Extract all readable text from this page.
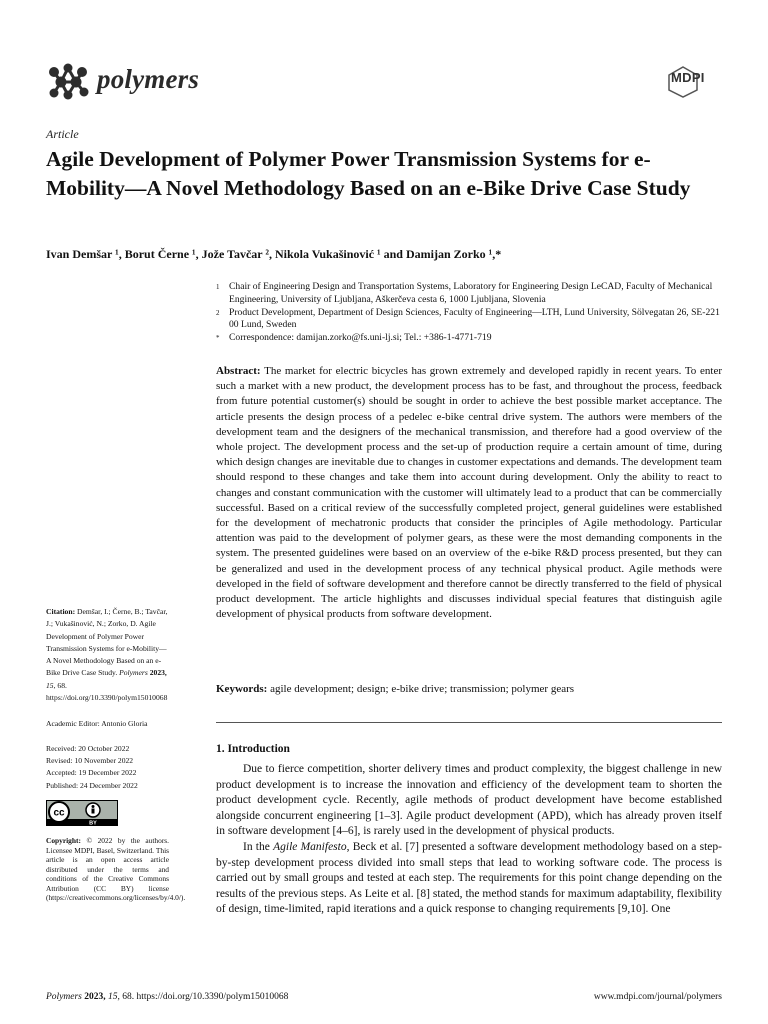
polymers	MDPI
Article
Agile Development of Polymer Power Transmission Systems for e-Mobility—A Novel Methodology Based on an e-Bike Drive Case Study
Ivan Demšar ¹, Borut Černe ¹, Jože Tavčar ², Nikola Vukašinović ¹ and Damijan Zorko ¹,*
1 Chair of Engineering Design and Transportation Systems, Laboratory for Engineering Design LeCAD, Faculty of Mechanical Engineering, University of Ljubljana, Aškerčeva cesta 6, 1000 Ljubljana, Slovenia
2 Product Development, Department of Design Sciences, Faculty of Engineering—LTH, Lund University, Sölvegatan 26, SE-221 00 Lund, Sweden
* Correspondence: damijan.zorko@fs.uni-lj.si; Tel.: +386-1-4771-719

Abstract: The market for electric bicycles has grown extremely and developed rapidly in recent years. To enter such a market with a new product, the development process has to be fast, and throughout the process, feedback from future potential customer(s) should be sought in order to achieve the best possible market acceptance. The article presents the design process of a pedelec e-bike central drive system. The authors were members of the development team and the designers of the mechanical transmission, and therefore had a good overview of the whole project. The development process and the set-up of production require a certain amount of time, during which design changes are inevitable due to changes in customer expectations and demands. The development team should respond to these changes and take them into account during development. Only the ability to react to changes and constant communication with the customer will ultimately lead to a product that can be commercially successful. Based on a critical review of the successfully completed project, general guidelines were established for the development of mechatronic products that consider the principles of Agile methodology. Particular attention was paid to the development of polymer gears, as these were the most demanding components in the system. The presented guidelines were based on an overview of the e-bike R&D process presented, but they can be generalized and used in the development process of any technical physical product. Agile methods were developed in the field of software development and therefore cannot be directly transferred to the field of physical product development. The article highlights and discusses individual special features that distinguish agile development of physical products from software development.

Keywords: agile development; design; e-bike drive; transmission; polymer gears

1. Introduction

Due to fierce competition, shorter delivery times and product complexity, the biggest challenge in new product development is to increase the innovation and efficiency of the development team to shorten the product development cycle. Recently, agile methods of product development have become established alongside concurrent engineering [1–3]. Agile product development (APD), which has already proven itself in software development [4–6], is rarely used in the development of physical products.

In the Agile Manifesto, Beck et al. [7] presented a software development methodology based on a step-by-step development process divided into small steps that lead to working software code. The process is carried out by small groups and tested at each step. The requirements for this point change depending on the results of the previous steps. As Leite et al. [8] stated, the method stands for maximum adaptability, flexibility of design, time-limited, rapid iterations and a quick response to changing requirements [9,10]. One

Citation: Demšar, I.; Černe, B.; Tavčar, J.; Vukašinović, N.; Zorko, D. Agile Development of Polymer Power Transmission Systems for e-Mobility—A Novel Methodology Based on an e-Bike Drive Case Study. Polymers 2023, 15, 68. https://doi.org/10.3390/polym15010068

Academic Editor: Antonio Gloria

Received: 20 October 2022
Revised: 10 November 2022
Accepted: 19 December 2022
Published: 24 December 2022
cc
BY

Copyright: © 2022 by the authors. Licensee MDPI, Basel, Switzerland. This article is an open access article distributed under the terms and conditions of the Creative Commons Attribution (CC BY) license (https://creativecommons.org/licenses/by/4.0/).

Polymers 2023, 15, 68. https://doi.org/10.3390/polym15010068	www.mdpi.com/journal/polymers
